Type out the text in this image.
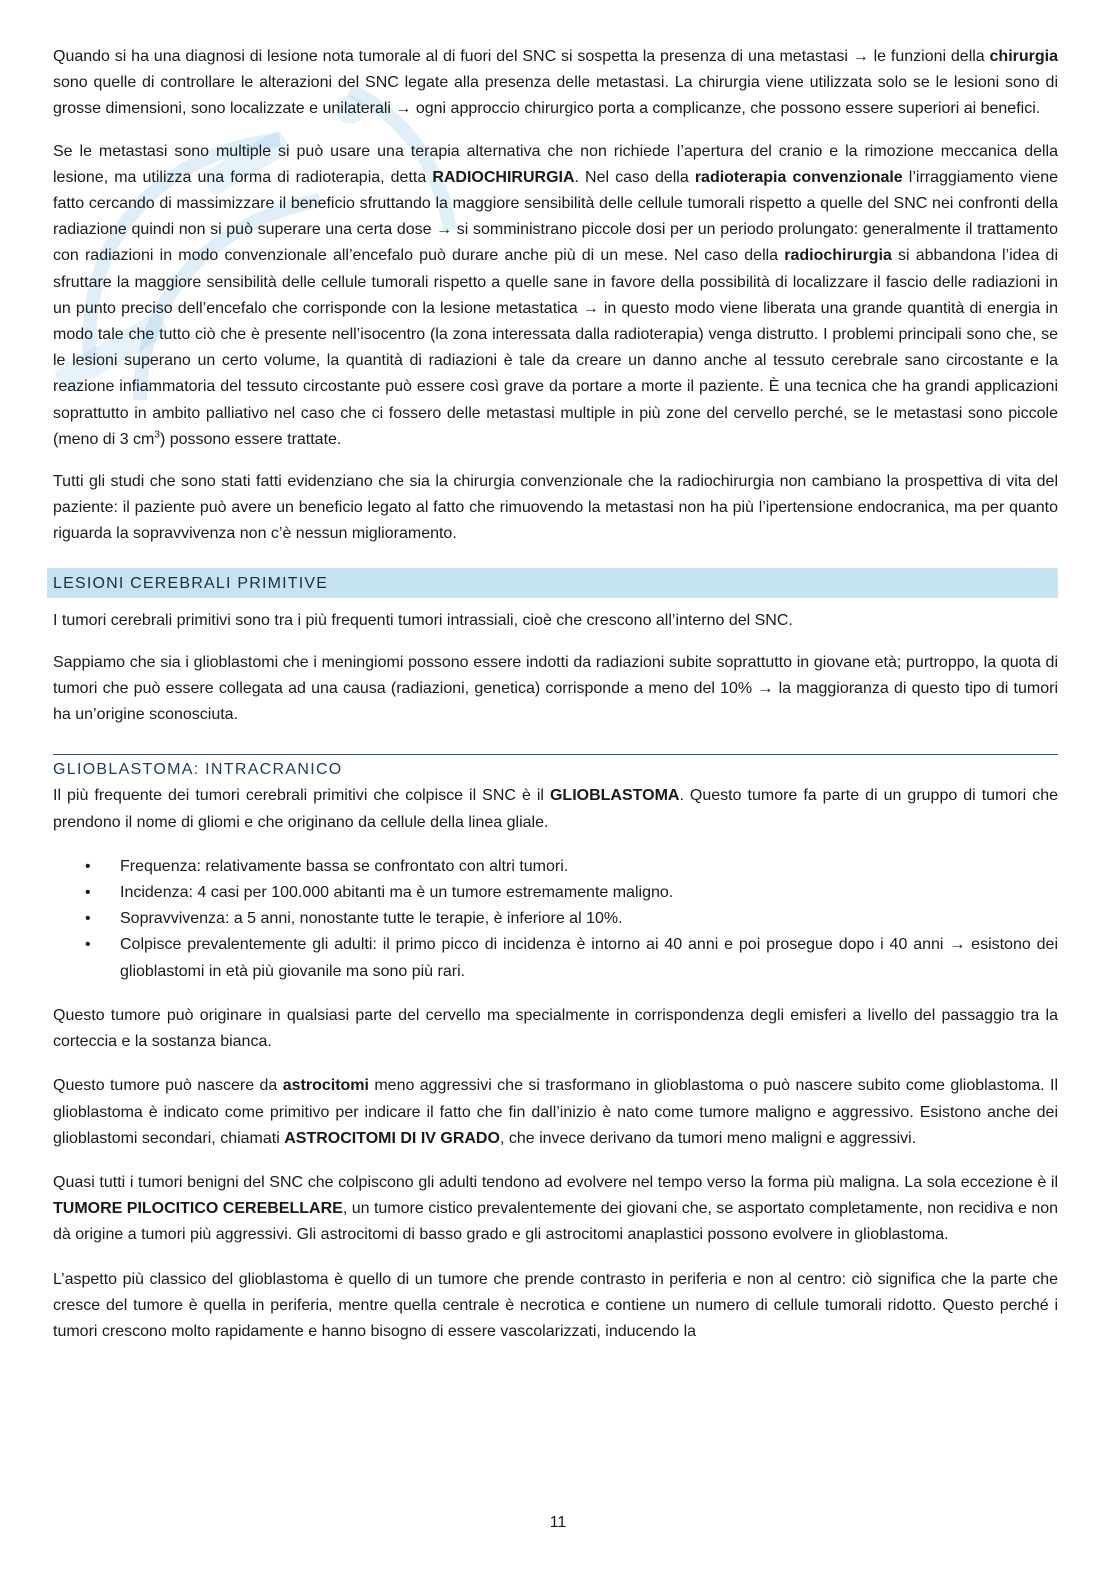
Quando si ha una diagnosi di lesione nota tumorale al di fuori del SNC si sospetta la presenza di una metastasi → le funzioni della chirurgia sono quelle di controllare le alterazioni del SNC legate alla presenza delle metastasi. La chirurgia viene utilizzata solo se le lesioni sono di grosse dimensioni, sono localizzate e unilaterali → ogni approccio chirurgico porta a complicanze, che possono essere superiori ai benefici.

Se le metastasi sono multiple si può usare una terapia alternativa che non richiede l’apertura del cranio e la rimozione meccanica della lesione, ma utilizza una forma di radioterapia, detta RADIOCHIRURGIA. Nel caso della radioterapia convenzionale l’irraggiamento viene fatto cercando di massimizzare il beneficio sfruttando la maggiore sensibilità delle cellule tumorali rispetto a quelle del SNC nei confronti della radiazione quindi non si può superare una certa dose → si somministrano piccole dosi per un periodo prolungato: generalmente il trattamento con radiazioni in modo convenzionale all’encefalo può durare anche più di un mese. Nel caso della radiochirurgia si abbandona l’idea di sfruttare la maggiore sensibilità delle cellule tumorali rispetto a quelle sane in favore della possibilità di localizzare il fascio delle radiazioni in un punto preciso dell’encefalo che corrisponde con la lesione metastatica → in questo modo viene liberata una grande quantità di energia in modo tale che tutto ciò che è presente nell’isocentro (la zona interessata dalla radioterapia) venga distrutto. I problemi principali sono che, se le lesioni superano un certo volume, la quantità di radiazioni è tale da creare un danno anche al tessuto cerebrale sano circostante e la reazione infiammatoria del tessuto circostante può essere così grave da portare a morte il paziente. È una tecnica che ha grandi applicazioni soprattutto in ambito palliativo nel caso che ci fossero delle metastasi multiple in più zone del cervello perché, se le metastasi sono piccole (meno di 3 $cm^3$) possono essere trattate.

Tutti gli studi che sono stati fatti evidenziano che sia la chirurgia convenzionale che la radiochirurgia non cambiano la prospettiva di vita del paziente: il paziente può avere un beneficio legato al fatto che rimuovendo la metastasi non ha più l’ipertensione endocranica, ma per quanto riguarda la sopravvivenza non c’è nessun miglioramento.

LESIONI CEREBRALI PRIMITIVE

I tumori cerebrali primitivi sono tra i più frequenti tumori intrassiali, cioè che crescono all’interno del SNC.

Sappiamo che sia i glioblastomi che i meningiomi possono essere indotti da radiazioni subite soprattutto in giovane età; purtroppo, la quota di tumori che può essere collegata ad una causa (radiazioni, genetica) corrisponde a meno del 10% → la maggioranza di questo tipo di tumori ha un’origine sconosciuta.

GLIOBLASTOMA: INTRACRANICO

Il più frequente dei tumori cerebrali primitivi che colpisce il SNC è il GLIOBLASTOMA. Questo tumore fa parte di un gruppo di tumori che prendono il nome di gliomi e che originano da cellule della linea gliale.

• Frequenza: relativamente bassa se confrontato con altri tumori.
• Incidenza: 4 casi per 100.000 abitanti ma è un tumore estremamente maligno.
• Sopravvivenza: a 5 anni, nonostante tutte le terapie, è inferiore al 10%.
• Colpisce prevalentemente gli adulti: il primo picco di incidenza è intorno ai 40 anni e poi prosegue dopo i 40 anni → esistono dei glioblastomi in età più giovanile ma sono più rari.

Questo tumore può originare in qualsiasi parte del cervello ma specialmente in corrispondenza degli emisferi a livello del passaggio tra la corteccia e la sostanza bianca.

Questo tumore può nascere da astrocitomi meno aggressivi che si trasformano in glioblastoma o può nascere subito come glioblastoma. Il glioblastoma è indicato come primitivo per indicare il fatto che fin dall’inizio è nato come tumore maligno e aggressivo. Esistono anche dei glioblastomi secondari, chiamati ASTROCITOMI DI IV GRADO, che invece derivano da tumori meno maligni e aggressivi.

Quasi tutti i tumori benigni del SNC che colpiscono gli adulti tendono ad evolvere nel tempo verso la forma più maligna. La sola eccezione è il TUMORE PILOCITICO CEREBELLARE, un tumore cistico prevalentemente dei giovani che, se asportato completamente, non recidiva e non dà origine a tumori più aggressivi. Gli astrocitomi di basso grado e gli astrocitomi anaplastici possono evolvere in glioblastoma.

L’aspetto più classico del glioblastoma è quello di un tumore che prende contrasto in periferia e non al centro: ciò significa che la parte che cresce del tumore è quella in periferia, mentre quella centrale è necrotica e contiene un numero di cellule tumorali ridotto. Questo perché i tumori crescono molto rapidamente e hanno bisogno di essere vascolarizzati, inducendo la

11
